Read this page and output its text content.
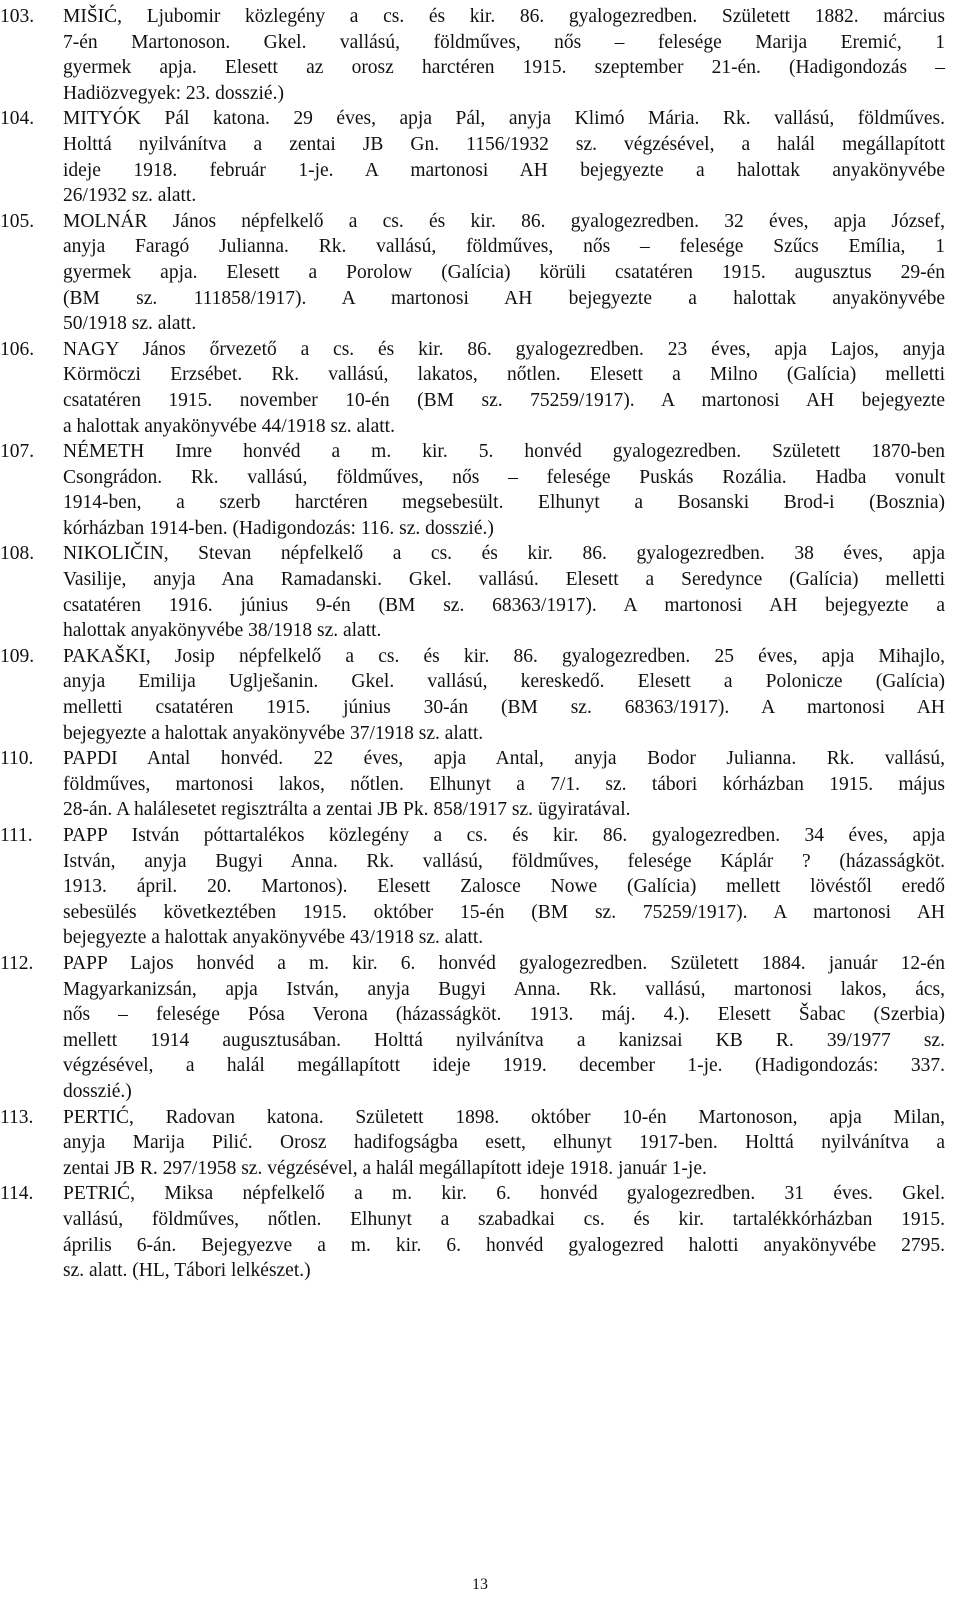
103.	MIŠIĆ, Ljubomir közlegény a cs. és kir. 86. gyalogezredben. Született 1882. március
7-én Martonoson. Gkel. vallású, földműves, nős – felesége Marija Eremić, 1
gyermek apja. Elesett az orosz harctéren 1915. szeptember 21-én. (Hadigondozás –
Hadiözvegyek: 23. dosszié.)
104.	MITYÓK Pál katona. 29 éves, apja Pál, anyja Klimó Mária. Rk. vallású, földműves.
Holttá nyilvánítva a zentai JB Gn. 1156/1932 sz. végzésével, a halál megállapított
ideje 1918. február 1-je. A martonosi AH bejegyezte a halottak anyakönyvébe
26/1932 sz. alatt.
105.	MOLNÁR János népfelkelő a cs. és kir. 86. gyalogezredben. 32 éves, apja József,
anyja Faragó Julianna. Rk. vallású, földműves, nős – felesége Szűcs Emília, 1
gyermek apja. Elesett a Porolow (Galícia) körüli csatatéren 1915. augusztus 29-én
(BM sz. 111858/1917). A martonosi AH bejegyezte a halottak anyakönyvébe
50/1918 sz. alatt.
106.	NAGY János őrvezető a cs. és kir. 86. gyalogezredben. 23 éves, apja Lajos, anyja
Körmöczi Erzsébet. Rk. vallású, lakatos, nőtlen. Elesett a Milno (Galícia) melletti
csatatéren 1915. november 10-én (BM sz. 75259/1917). A martonosi AH bejegyezte
a halottak anyakönyvébe 44/1918 sz. alatt.
107.	NÉMETH Imre honvéd a m. kir. 5. honvéd gyalogezredben. Született 1870-ben
Csongrádon. Rk. vallású, földműves, nős – felesége Puskás Rozália. Hadba vonult
1914-ben, a szerb harctéren megsebesült. Elhunyt a Bosanski Brod-i (Bosznia)
kórházban 1914-ben. (Hadigondozás: 116. sz. dosszié.)
108.	NIKOLIČIN, Stevan népfelkelő a cs. és kir. 86. gyalogezredben. 38 éves, apja
Vasilije, anyja Ana Ramadanski. Gkel. vallású. Elesett a Seredynce (Galícia) melletti
csatatéren 1916. június 9-én (BM sz. 68363/1917). A martonosi AH bejegyezte a
halottak anyakönyvébe 38/1918 sz. alatt.
109.	PAKAŠKI, Josip népfelkelő a cs. és kir. 86. gyalogezredben. 25 éves, apja Mihajlo,
anyja Emilija Uglješanin. Gkel. vallású, kereskedő. Elesett a Polonicze (Galícia)
melletti csatatéren 1915. június 30-án (BM sz. 68363/1917). A martonosi AH
bejegyezte a halottak anyakönyvébe 37/1918 sz. alatt.
110.	PAPDI Antal honvéd. 22 éves, apja Antal, anyja Bodor Julianna. Rk. vallású,
földműves, martonosi lakos, nőtlen. Elhunyt a 7/1. sz. tábori kórházban 1915. május
28-án. A halálesetet regisztrálta a zentai JB Pk. 858/1917 sz. ügyiratával.
111.	PAPP István póttartalékos közlegény a cs. és kir. 86. gyalogezredben. 34 éves, apja
István, anyja Bugyi Anna. Rk. vallású, földműves, felesége Káplár ? (házasságköt.
1913. ápril. 20. Martonos). Elesett Zalosce Nowe (Galícia) mellett lövéstől eredő
sebesülés következtében 1915. október 15-én (BM sz. 75259/1917). A martonosi AH
bejegyezte a halottak anyakönyvébe 43/1918 sz. alatt.
112.	PAPP Lajos honvéd a m. kir. 6. honvéd gyalogezredben. Született 1884. január 12-én
Magyarkanizsán, apja István, anyja Bugyi Anna. Rk. vallású, martonosi lakos, ács,
nős – felesége Pósa Verona (házasságköt. 1913. máj. 4.). Elesett Šabac (Szerbia)
mellett 1914 augusztusában. Holttá nyilvánítva a kanizsai KB R. 39/1977 sz.
végzésével, a halál megállapított ideje 1919. december 1-je. (Hadigondozás: 337.
dosszié.)
113.	PERTIĆ, Radovan katona. Született 1898. október 10-én Martonoson, apja Milan,
anyja Marija Pilić. Orosz hadifogságba esett, elhunyt 1917-ben. Holttá nyilvánítva a
zentai JB R. 297/1958 sz. végzésével, a halál megállapított ideje 1918. január 1-je.
114.	PETRIĆ, Miksa népfelkelő a m. kir. 6. honvéd gyalogezredben. 31 éves. Gkel.
vallású, földműves, nőtlen. Elhunyt a szabadkai cs. és kir. tartalékkórházban 1915.
április 6-án. Bejegyezve a m. kir. 6. honvéd gyalogezred halotti anyakönyvébe 2795.
sz. alatt. (HL, Tábori lelkészet.)
13
